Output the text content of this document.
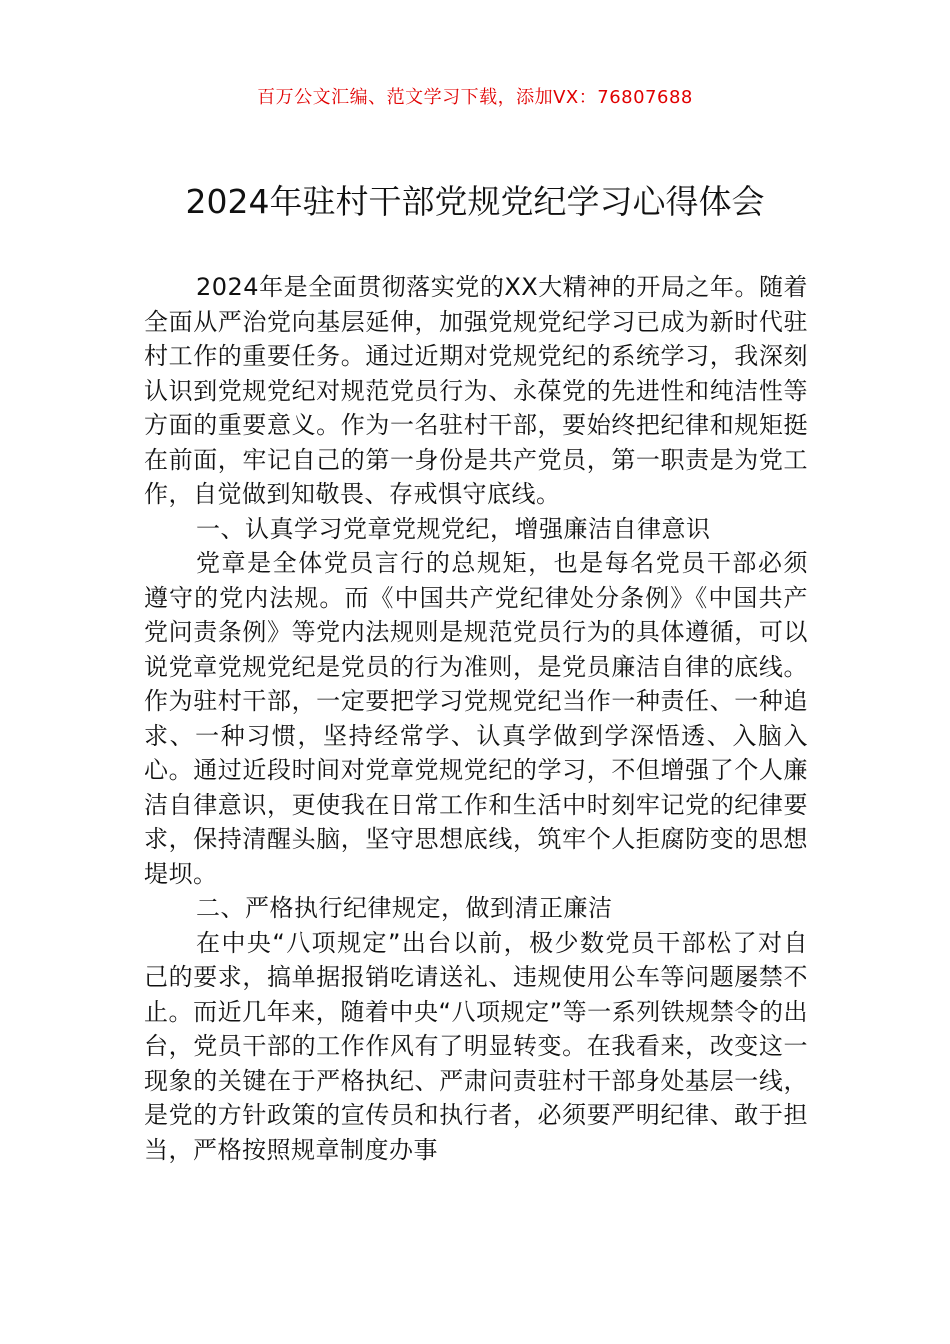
百万公文汇编、范文学习下载，添加VX：76807688
2024年驻村干部党规党纪学习心得体会

2024年是全面贯彻落实党的XX大精神的开局之年。随着全面从严治党向基层延伸，加强党规党纪学习已成为新时代驻村工作的重要任务。通过近期对党规党纪的系统学习，我深刻认识到党规党纪对规范党员行为、永葆党的先进性和纯洁性等方面的重要意义。作为一名驻村干部，要始终把纪律和规矩挺在前面，牢记自己的第一身份是共产党员，第一职责是为党工作，自觉做到知敬畏、存戒惧守底线。

一、认真学习党章党规党纪，增强廉洁自律意识

党章是全体党员言行的总规矩，也是每名党员干部必须遵守的党内法规。而《中国共产党纪律处分条例》《中国共产党问责条例》等党内法规则是规范党员行为的具体遵循，可以说党章党规党纪是党员的行为准则，是党员廉洁自律的底线。作为驻村干部，一定要把学习党规党纪当作一种责任、一种追求、一种习惯，坚持经常学、认真学做到学深悟透、入脑入心。通过近段时间对党章党规党纪的学习，不但增强了个人廉洁自律意识，更使我在日常工作和生活中时刻牢记党的纪律要求，保持清醒头脑，坚守思想底线，筑牢个人拒腐防变的思想堤坝。

二、严格执行纪律规定，做到清正廉洁

在中央“八项规定”出台以前，极少数党员干部松了对自己的要求，搞单据报销吃请送礼、违规使用公车等问题屡禁不止。而近几年来，随着中央“八项规定”等一系列铁规禁令的出台，党员干部的工作作风有了明显转变。在我看来，改变这一现象的关键在于严格执纪、严肃问责驻村干部身处基层一线，是党的方针政策的宣传员和执行者，必须要严明纪律、敢于担当，严格按照规章制度办事
